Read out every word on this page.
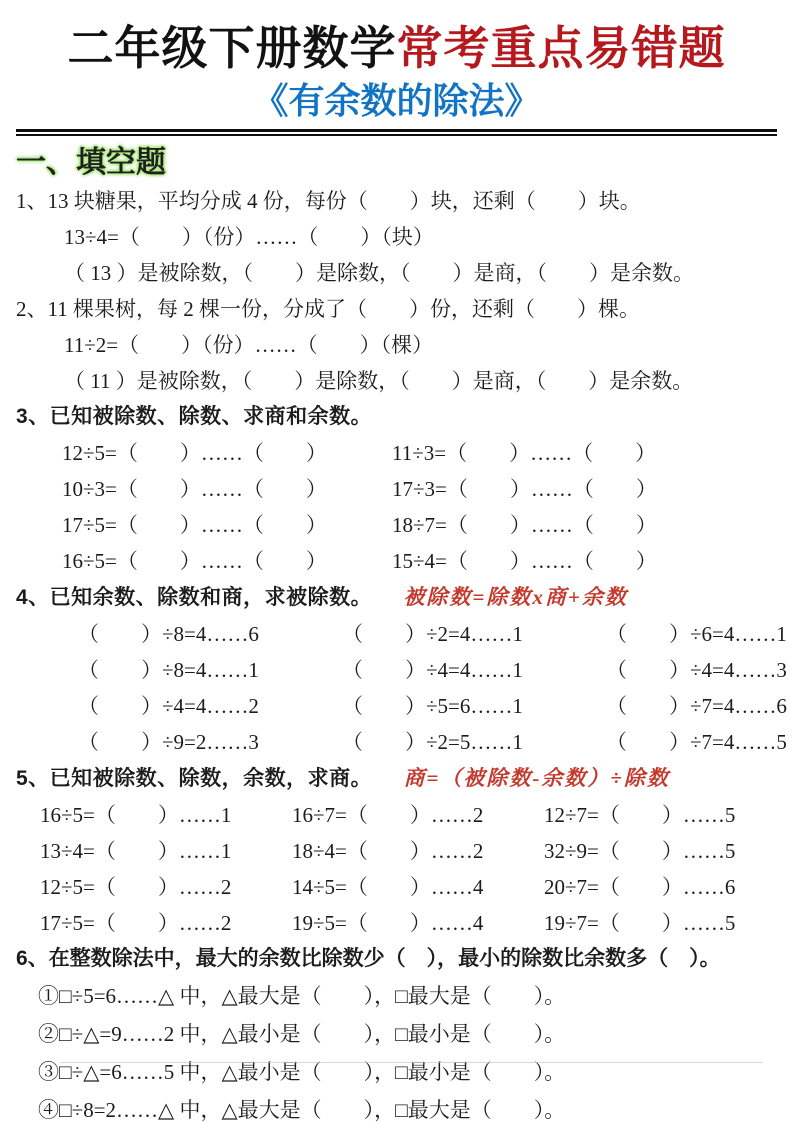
二年级下册数学常考重点易错题
《有余数的除法》
一、填空题
1、13 块糖果，平均分成 4 份，每份（　　）块，还剩（　　）块。
13÷4=（　　）（份）……（　　）（块）
（ 13 ）是被除数，（　　）是除数，（　　）是商，（　　）是余数。
2、11 棵果树，每 2 棵一份，分成了（　　）份，还剩（　　）棵。
11÷2=（　　）（份）……（　　）（棵）
（ 11 ）是被除数，（　　）是除数，（　　）是商，（　　）是余数。
3、已知被除数、除数、求商和余数。
12÷5=（　　）……（　　）	11÷3=（　　）……（　　）
10÷3=（　　）……（　　）	17÷3=（　　）……（　　）
17÷5=（　　）……（　　）	18÷7=（　　）……（　　）
16÷5=（　　）……（　　）	15÷4=（　　）……（　　）
4、已知余数、除数和商，求被除数。 被除数=除数x商+余数
（　　）÷8=4……6	（　　）÷2=4……1	（　　）÷6=4……1
（　　）÷8=4……1	（　　）÷4=4……1	（　　）÷4=4……3
（　　）÷4=4……2	（　　）÷5=6……1	（　　）÷7=4……6
（　　）÷9=2……3	（　　）÷2=5……1	（　　）÷7=4……5
5、已知被除数、除数，余数，求商。 商=（被除数-余数）÷除数
16÷5=（　　）……1	16÷7=（　　）……2	12÷7=（　　）……5
13÷4=（　　）……1	18÷4=（　　）……2	32÷9=（　　）……5
12÷5=（　　）……2	14÷5=（　　）……4	20÷7=（　　）……6
17÷5=（　　）……2	19÷5=（　　）……4	19÷7=（　　）……5
6、在整数除法中，最大的余数比除数少（　），最小的除数比余数多（　）。
①□÷5=6……△ 中，△最大是（　　），□最大是（　　）。
②□÷△=9……2 中，△最小是（　　），□最小是（　　）。
③□÷△=6……5 中，△最小是（　　），□最小是（　　）。
④□÷8=2……△ 中，△最大是（　　），□最大是（　　）。
